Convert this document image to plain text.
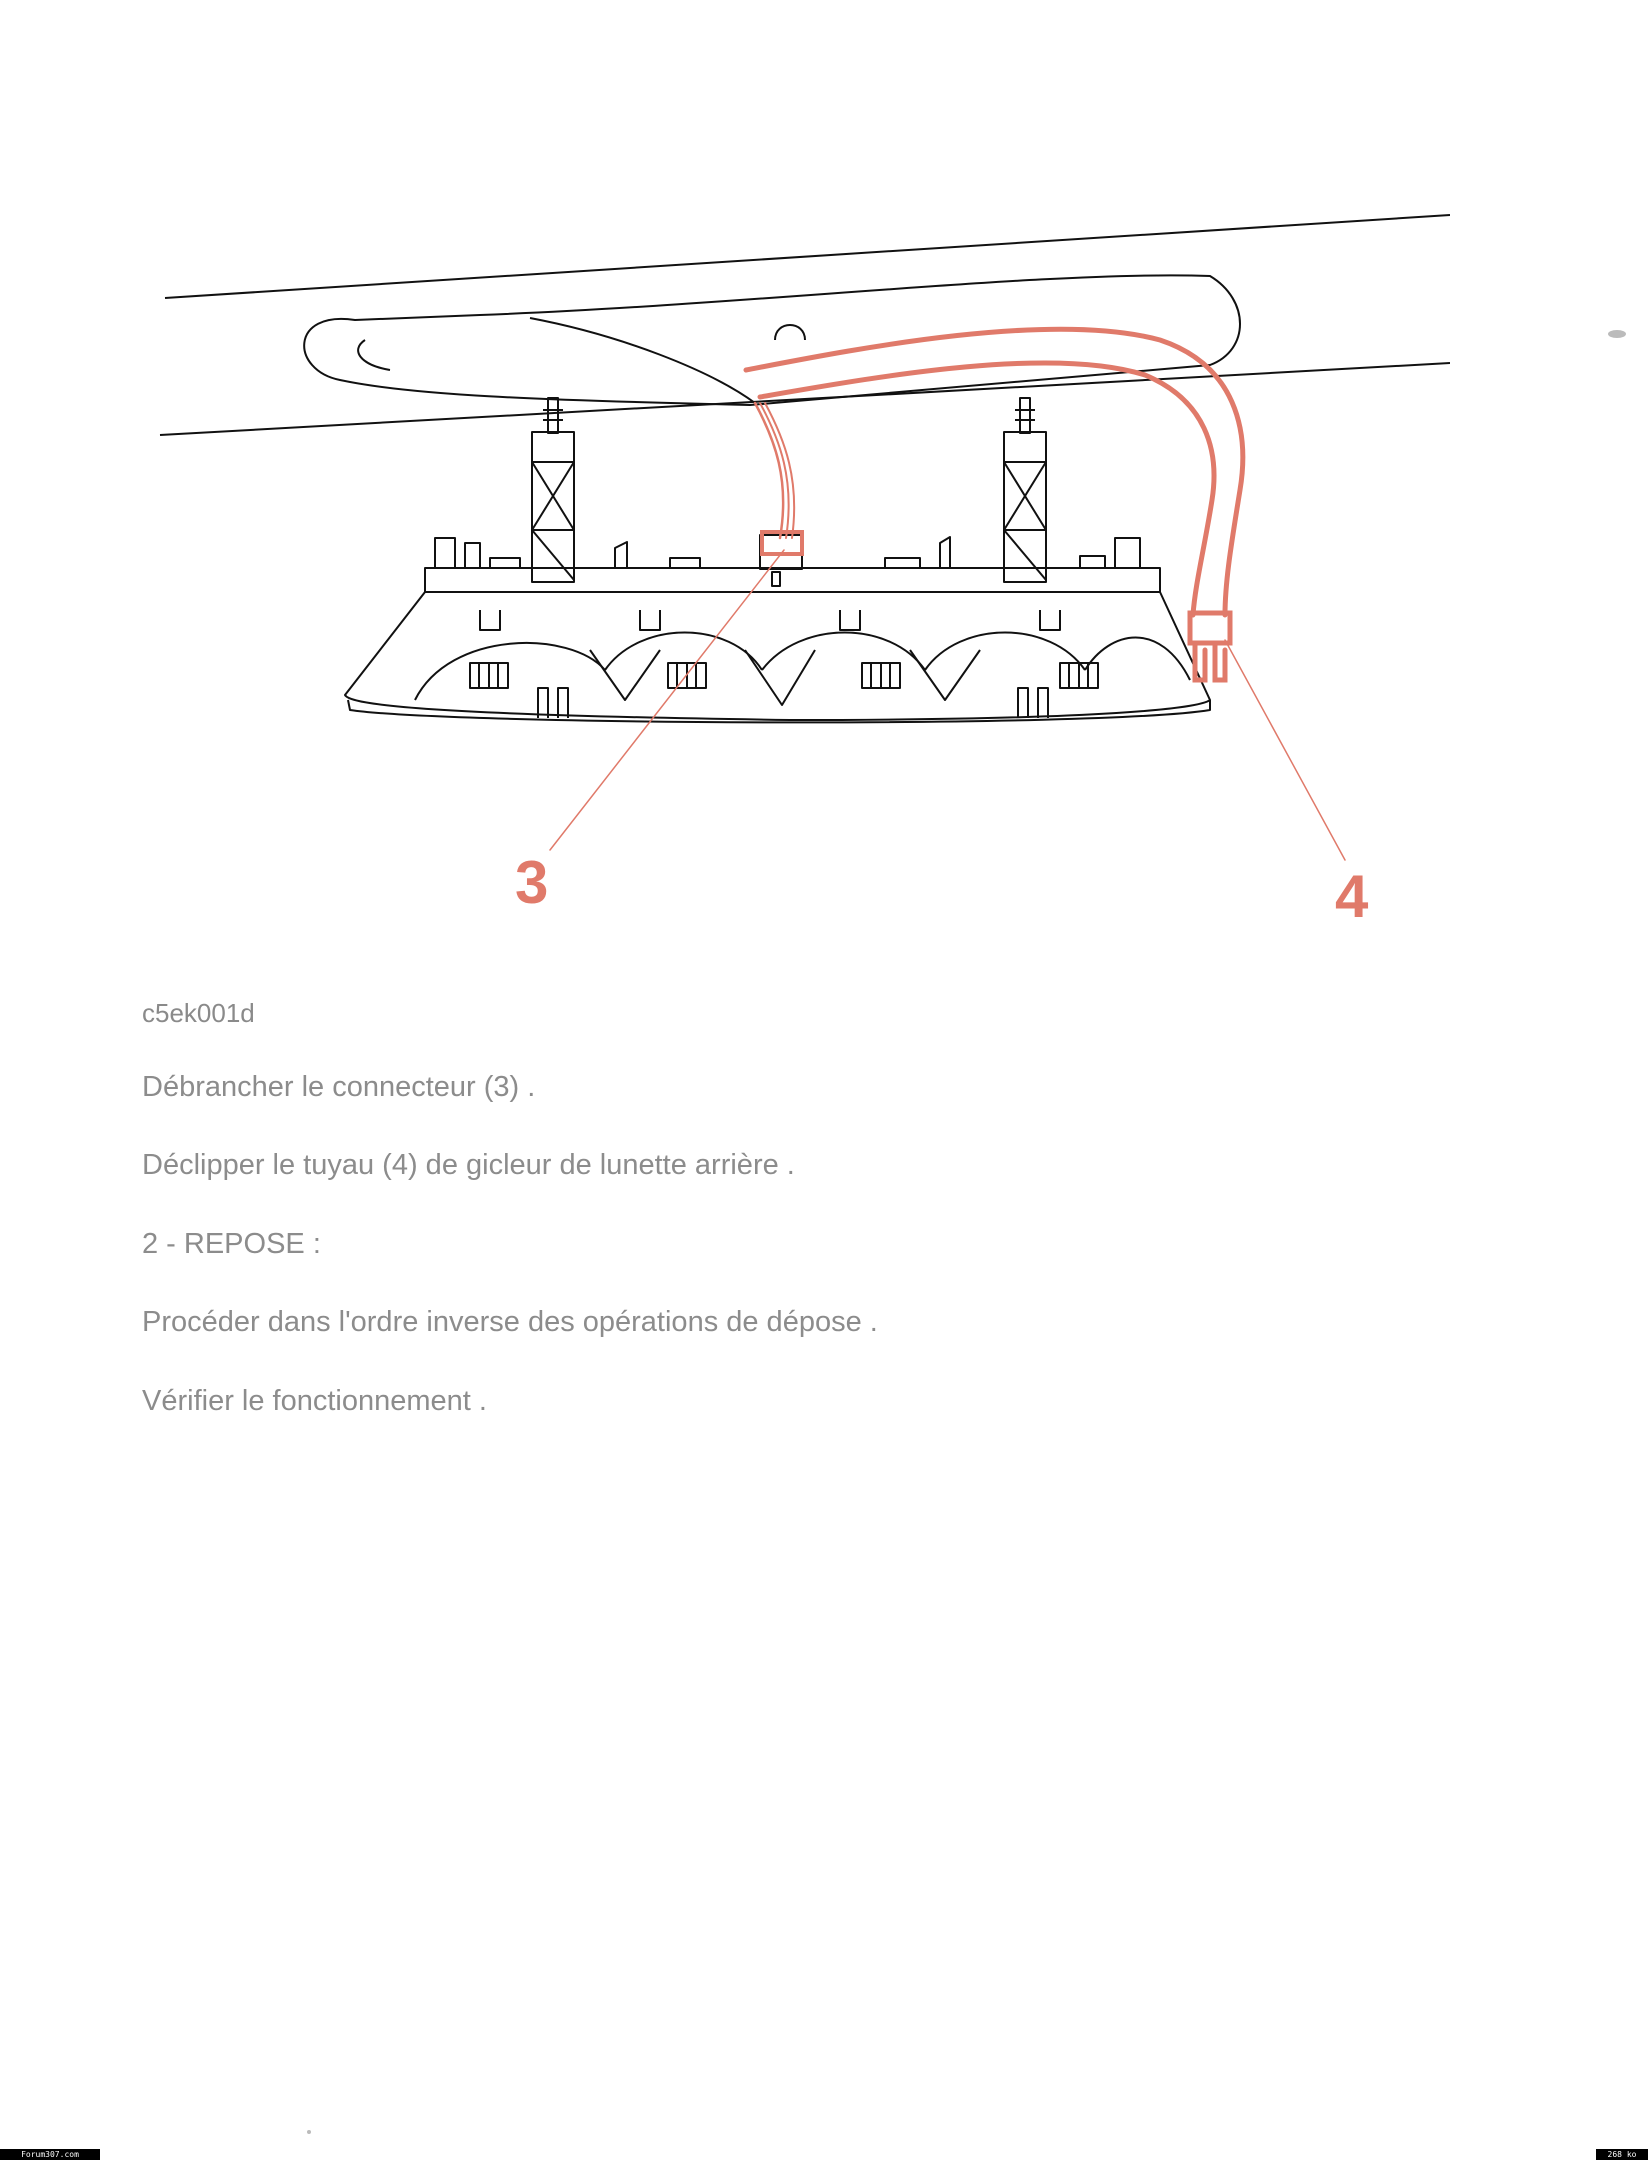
3	4
c5ek001d
Débrancher le connecteur (3) .
Déclipper le tuyau (4) de gicleur de lunette arrière .
2 - REPOSE :
Procéder dans l'ordre inverse des opérations de dépose .
Vérifier le fonctionnement .
Forum307.com	268 ko
